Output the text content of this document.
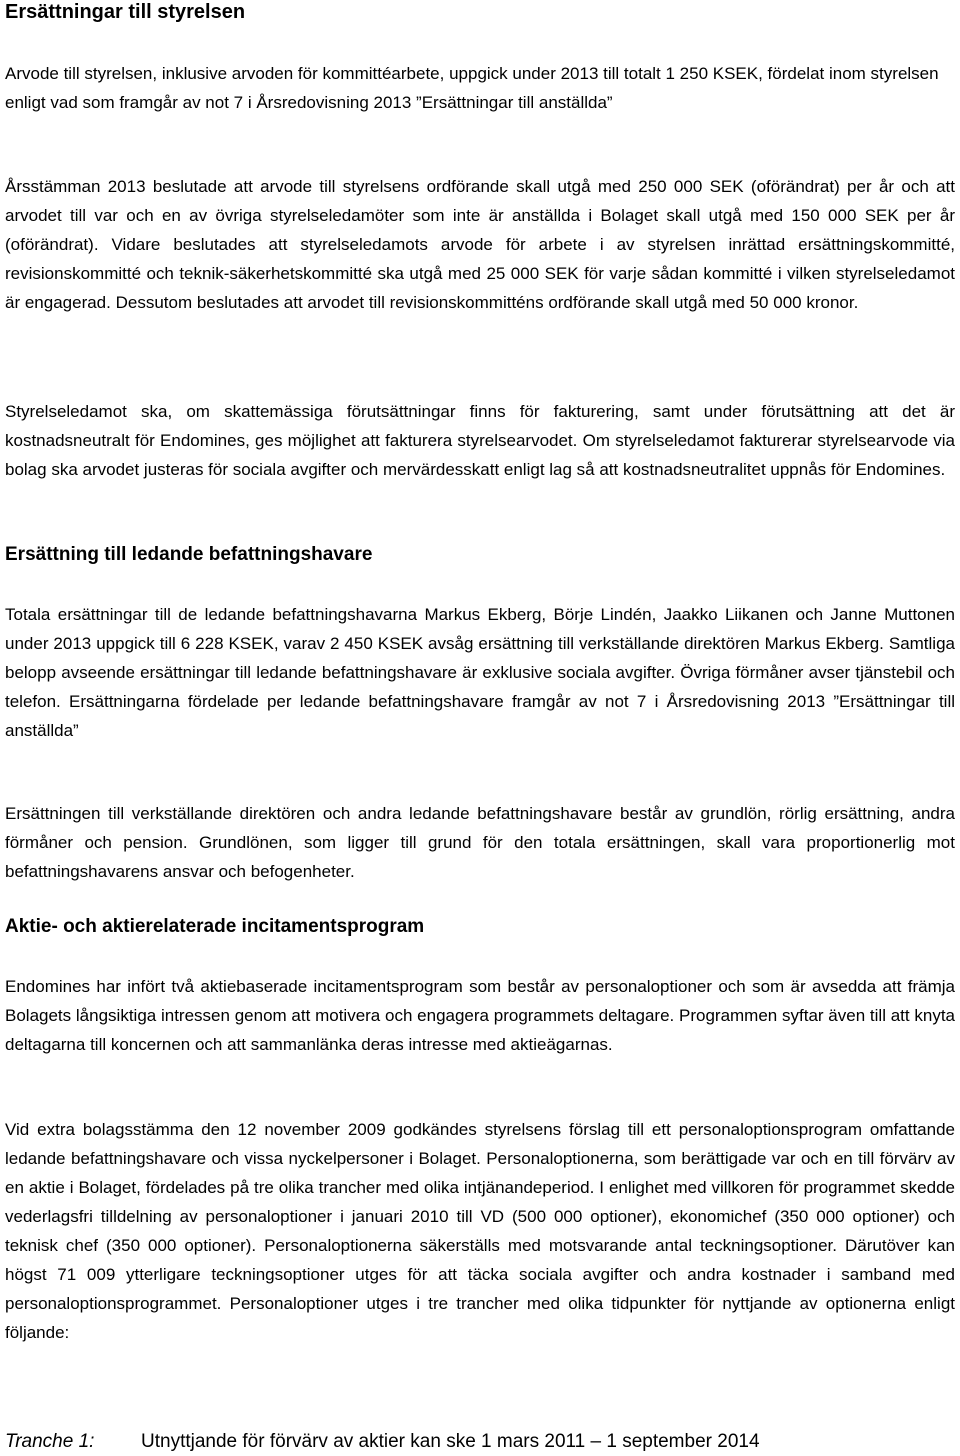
Ersättningar till styrelsen

Arvode till styrelsen, inklusive arvoden för kommittéarbete, uppgick under 2013 till totalt 1 250 KSEK, fördelat inom styrelsen enligt vad som framgår av not 7 i Årsredovisning 2013 ”Ersättningar till anställda”

Årsstämman 2013 beslutade att arvode till styrelsens ordförande skall utgå med 250 000 SEK (oförändrat) per år och att arvodet till var och en av övriga styrelseledamöter som inte är anställda i Bolaget skall utgå med 150 000 SEK per år (oförändrat). Vidare beslutades att styrelseledamots arvode för arbete i av styrelsen inrättad ersättningskommitté, revisionskommitté och teknik-säkerhetskommitté ska utgå med 25 000 SEK för varje sådan kommitté i vilken styrelseledamot är engagerad. Dessutom beslutades att arvodet till revisionskommitténs ordförande skall utgå med 50 000 kronor.

Styrelseledamot ska, om skattemässiga förutsättningar finns för fakturering, samt under förutsättning att det är kostnadsneutralt för Endomines, ges möjlighet att fakturera styrelsearvodet. Om styrelseledamot fakturerar styrelsearvode via bolag ska arvodet justeras för sociala avgifter och mervärdesskatt enligt lag så att kostnadsneutralitet uppnås för Endomines.

Ersättning till ledande befattningshavare

Totala ersättningar till de ledande befattningshavarna Markus Ekberg, Börje Lindén, Jaakko Liikanen och Janne Muttonen under 2013 uppgick till 6 228 KSEK, varav 2 450 KSEK avsåg ersättning till verkställande direktören Markus Ekberg. Samtliga belopp avseende ersättningar till ledande befattningshavare är exklusive sociala avgifter. Övriga förmåner avser tjänstebil och telefon. Ersättningarna fördelade per ledande befattningshavare framgår av not 7 i Årsredovisning 2013 ”Ersättningar till anställda”

Ersättningen till verkställande direktören och andra ledande befattningshavare består av grundlön, rörlig ersättning, andra förmåner och pension. Grundlönen, som ligger till grund för den totala ersättningen, skall vara proportionerlig mot befattningshavarens ansvar och befogenheter.

Aktie- och aktierelaterade incitamentsprogram

Endomines har infört två aktiebaserade incitamentsprogram som består av personaloptioner och som är avsedda att främja Bolagets långsiktiga intressen genom att motivera och engagera programmets deltagare. Programmen syftar även till att knyta deltagarna till koncernen och att sammanlänka deras intresse med aktieägarnas.

Vid extra bolagsstämma den 12 november 2009 godkändes styrelsens förslag till ett personaloptionsprogram omfattande ledande befattningshavare och vissa nyckelpersoner i Bolaget. Personaloptionerna, som berättigade var och en till förvärv av en aktie i Bolaget, fördelades på tre olika trancher med olika intjänandeperiod. I enlighet med villkoren för programmet skedde vederlagsfri tilldelning av personaloptioner i januari 2010 till VD (500 000 optioner), ekonomichef (350 000 optioner) och teknisk chef (350 000 optioner). Personaloptionerna säkerställs med motsvarande antal teckningsoptioner. Därutöver kan högst 71 009 ytterligare teckningsoptioner utges för att täcka sociala avgifter och andra kostnader i samband med personaloptionsprogrammet. Personaloptioner utges i tre trancher med olika tidpunkter för nyttjande av optionerna enligt följande:

Tranche 1: Utnyttjande för förvärv av aktier kan ske 1 mars 2011 – 1 september 2014
